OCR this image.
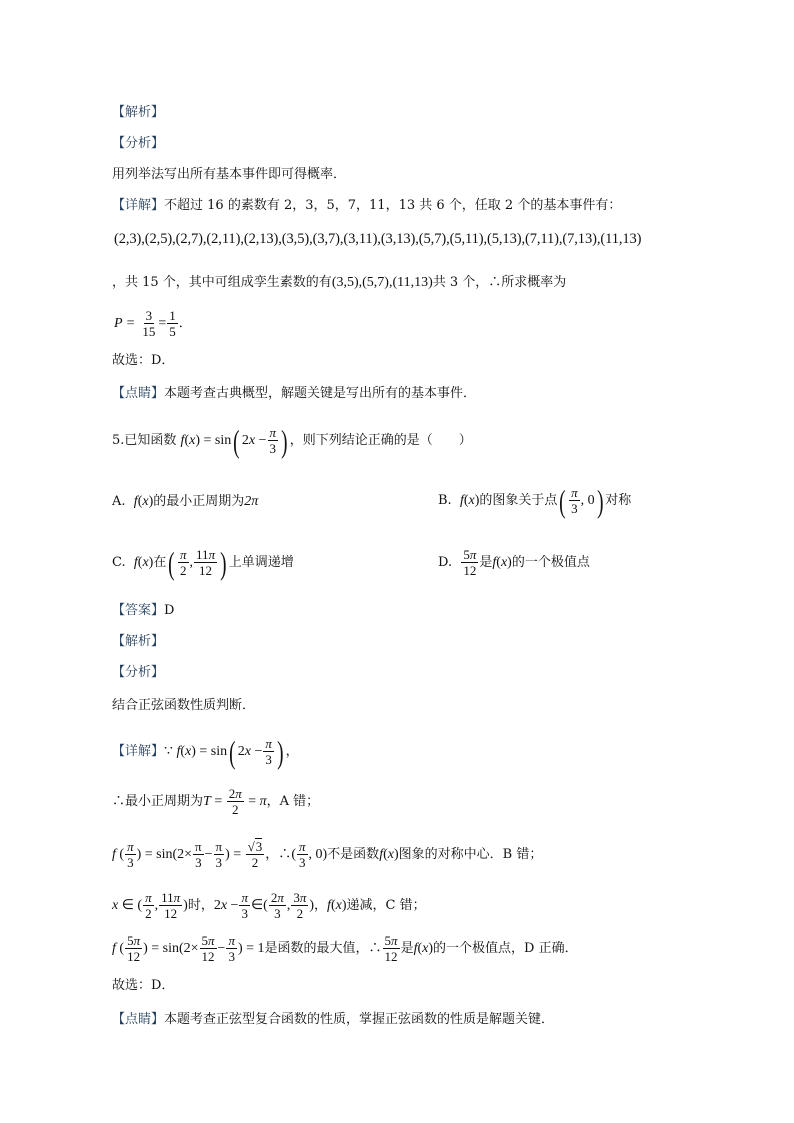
【解析】
【分析】
用列举法写出所有基本事件即可得概率．
【详解】不超过 16 的素数有 2，3，5，7，11，13 共 6 个，任取 2 个的基本事件有：
(2,3),(2,5),(2,7),(2,11),(2,13),(3,5),(3,7),(3,11),(3,13),(5,7),(5,11),(5,13),(7,11),(7,13),(11,13)
，共 15 个，其中可组成孪生素数的有(3,5),(5,7),(11,13)共 3 个，∴所求概率为
$P = \frac{3}{15} = \frac{1}{5}$ ．
故选：D．
【点睛】本题考查古典概型，解题关键是写出所有的基本事件．
5.已知函数 f(x) = sin( $2x - \frac{\pi}{3}$ ) ，则下列结论正确的是（　　）
A. f(x)的最小正周期为2π	B. f(x)的图象关于点( $\frac{\pi}{3}$ , 0) 对称
C. f(x)在( $\frac{\pi}{2}$ , $\frac{11\pi}{12}$ ) 上单调递增	D. $\frac{5\pi}{12}$ 是f(x)的一个极值点
【答案】D
【解析】
【分析】
结合正弦函数性质判断．
【详解】∵ f(x) = sin( $2x - \frac{\pi}{3}$ ) ，
∴最小正周期为$T = \frac{2\pi}{2} = \pi$，A 错；
f ( $\frac{\pi}{3}$ ) = $\sin(2\times \frac{\pi}{3} - \frac{\pi}{3}$ ) = $\frac{√3}{2}$ ，∴( $\frac{\pi}{3}$ , 0)不是函数f(x)图象的对称中心．B 错；
x ∈ ( $\frac{\pi}{2}$ , $\frac{11\pi}{12}$ )时，$2x - \frac{\pi}{3}$ ∈( $\frac{2\pi}{3}$ , $\frac{3\pi}{2}$ )，f(x)递减，C 错；
f ( $\frac{5\pi}{12}$ ) = $\sin(2\times \frac{5\pi}{12} - \frac{\pi}{3}$ ) = 1是函数的最大值，∴ $\frac{5\pi}{12}$ 是f(x)的一个极值点，D 正确．
故选：D．
【点睛】本题考查正弦型复合函数的性质，掌握正弦函数的性质是解题关键．
